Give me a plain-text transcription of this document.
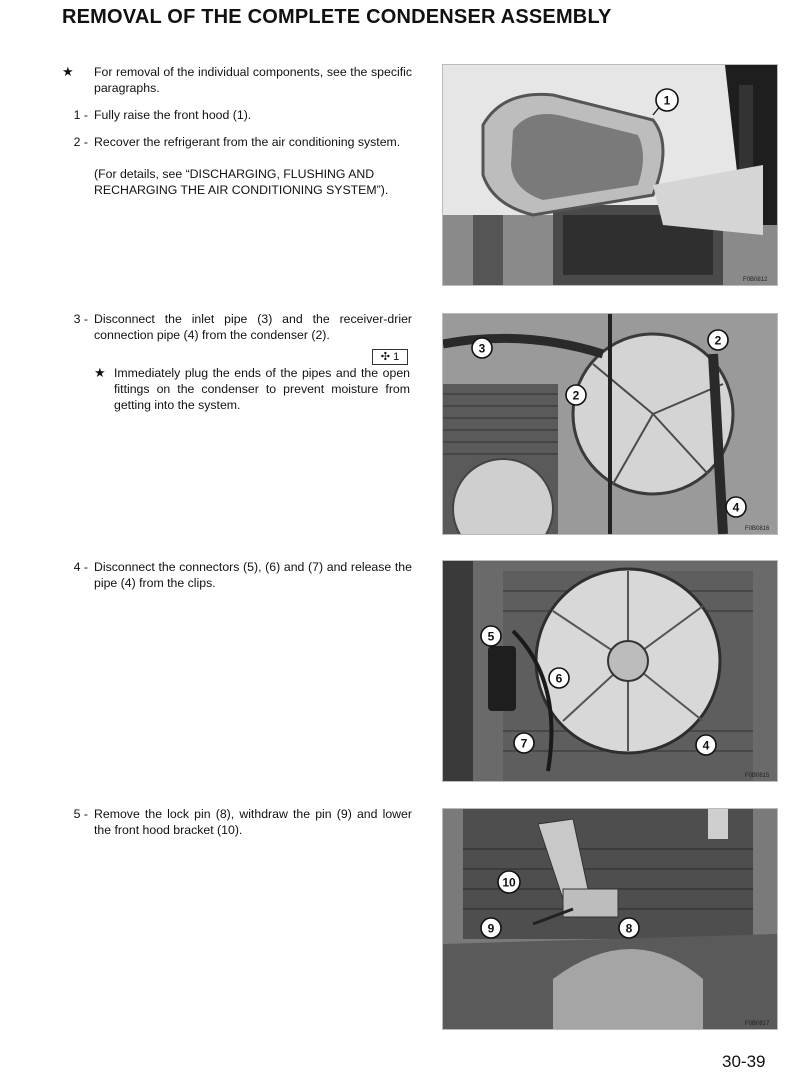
REMOVAL OF THE COMPLETE CONDENSER ASSEMBLY
★ For removal of the individual components, see the specific paragraphs.
1 - Fully raise the front hood (1).
2 - Recover the refrigerant from the air conditioning system.
(For details, see “DISCHARGING, FLUSHING AND RECHARGING THE AIR CONDITIONING SYSTEM”).
3 - Disconnect the inlet pipe (3) and the receiver-drier connection pipe (4) from the condenser (2).
✣ 1
★ Immediately plug the ends of the pipes and the open fittings on the condenser to prevent moisture from getting into the system.
4 - Disconnect the connectors (5), (6) and (7) and release the pipe (4) from the clips.
5 - Remove the lock pin (8), withdraw the pin (9) and lower the front hood bracket (10).
1
F0B0812
3
2
2
4
F0B0816
5
6
7	4
F0B0815
10
9	8
F0B0817
30-39
